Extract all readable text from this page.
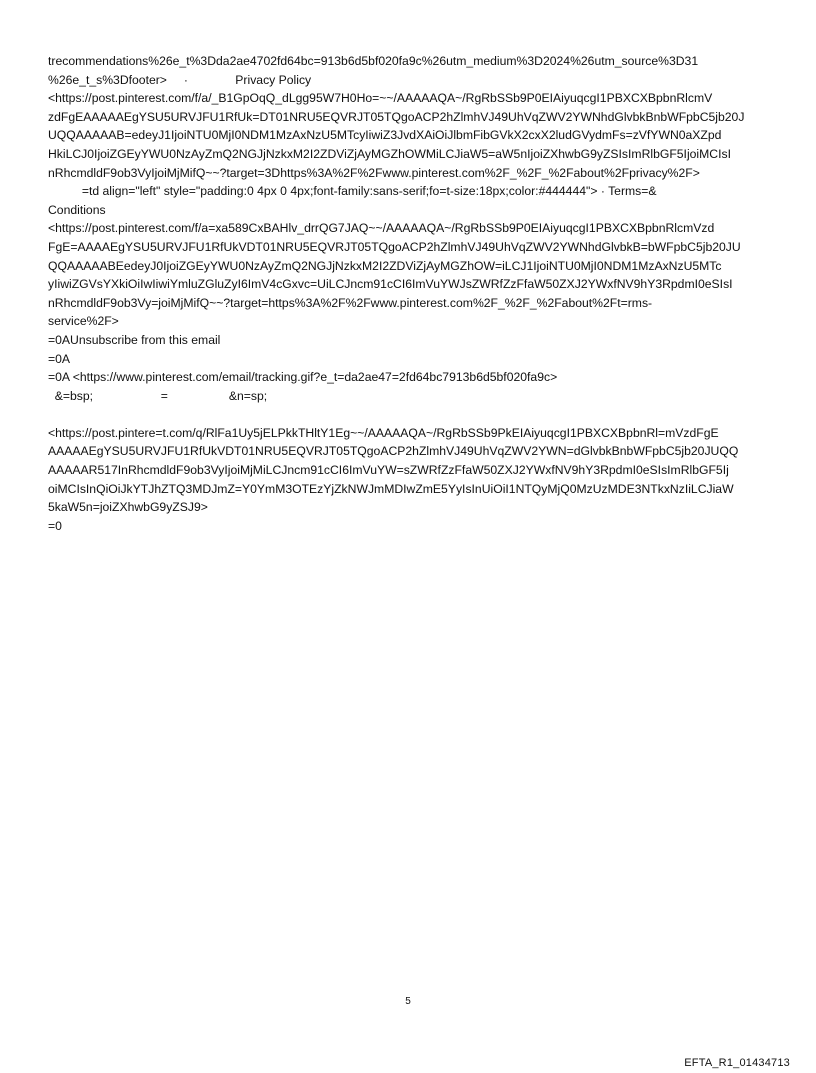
trecommendations%26e_t%3Dda2ae4702fd64bc=913b6d5bf020fa9c%26utm_medium%3D2024%26utm_source%3D31
%26e_t_s%3Dfooter>     ·              Privacy Policy
<https://post.pinterest.com/f/a/_B1GpOqQ_dLgg95W7H0Ho=~~/AAAAAQA~/RgRbSSb9P0EIAiyuqcgI1PBXCXBpbnRlcmV
zdFgEAAAAAEgYSU5URVJFU1RfUk=DT01NRU5EQVRJT05TQgoACP2hZlmhVJ49UhVqZWV2YWNhdGlvbkBnbWFpbC5jb20J
UQQAAAAAB=edeyJ1IjoiNTU0MjI0NDM1MzAxNzU5MTcyIiwiZ3JvdXAiOiJlbmFibGVkX2cxX2ludGVydmFs=zVfYWN0aXZpd
HkiLCJ0IjoiZGEyYWU0NzAyZmQ2NGJjNzkxM2I2ZDViZjAyMGZhOWMiLCJiaW5=aW5nIjoiZXhwbG9yZSIsImRlbGF5IjoiMCIsI
nRhcmdldF9ob3VyIjoiMjMifQ~~?target=3Dhttps%3A%2F%2Fwww.pinterest.com%2F_%2F_%2Fabout%2Fprivacy%2F>
=td align="left" style="padding:0 4px 0 4px;font-family:sans-serif;fo=t-size:18px;color:#444444"> · Terms=&
Conditions
<https://post.pinterest.com/f/a=xa589CxBAHlv_drrQG7JAQ~~/AAAAAQA~/RgRbSSb9P0EIAiyuqcgI1PBXCXBpbnRlcmVzd
FgE=AAAAEgYSU5URVJFU1RfUkVDT01NRU5EQVRJT05TQgoACP2hZlmhVJ49UhVqZWV2YWNhdGlvbkB=bWFpbC5jb20JU
QQAAAAABEedeyJ0IjoiZGEyYWU0NzAyZmQ2NGJjNzkxM2I2ZDViZjAyMGZhOW=iLCJ1IjoiNTU0MjI0NDM1MzAxNzU5MTc
yIiwiZGVsYXkiOiIwIiwiYmluZGluZyI6ImV4cGxvc=UiLCJncm91cCI6ImVuYWJsZWRfZzFfaW50ZXJ2YWxfNV9hY3RpdmI0eSIsI
nRhcmdldF9ob3Vy=joiMjMifQ~~?target=https%3A%2F%2Fwww.pinterest.com%2F_%2F_%2Fabout%2Ft=rms-
service%2F>
=0AUnsubscribe from this email
=0A
=0A <https://www.pinterest.com/email/tracking.gif?e_t=da2ae47=2fd64bc7913b6d5bf020fa9c>
&=bsp;                    =                  &n=sp;
<https://post.pintere=t.com/q/RlFa1Uy5jELPkkTHltY1Eg~~/AAAAAQA~/RgRbSSb9PkEIAiyuqcgI1PBXCXBpbnRl=mVzdFgE
AAAAAEgYSU5URVJFU1RfUkVDT01NRU5EQVRJT05TQgoACP2hZlmhVJ49UhVqZWV2YWN=dGlvbkBnbWFpbC5jb20JUQQ
AAAAAR517InRhcmdldF9ob3VyIjoiMjMiLCJncm91cCI6ImVuYW=sZWRfZzFfaW50ZXJ2YWxfNV9hY3RpdmI0eSIsImRlbGF5Ij
oiMCIsInQiOiJkYTJhZTQ3MDJmZ=Y0YmM3OTEzYjZkNWJmMDIwZmE5YyIsInUiOiI1NTQyMjQ0MzUzMDE3NTkxNzIiLCJiaW
5kaW5n=joiZXhwbG9yZSJ9>
=0
5
EFTA_R1_01434713
